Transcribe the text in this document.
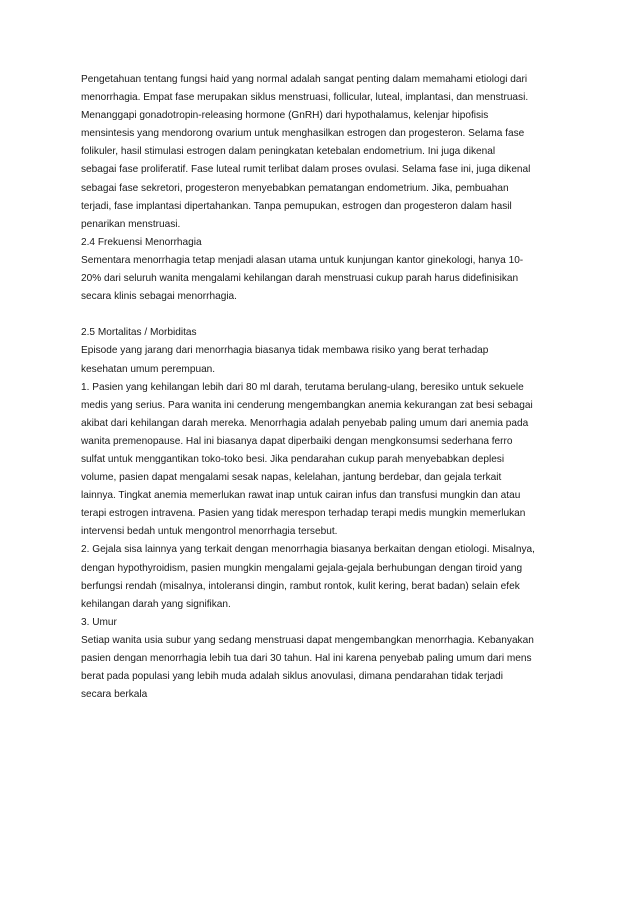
Pengetahuan tentang fungsi haid yang normal adalah sangat penting dalam memahami etiologi dari
menorrhagia. Empat fase merupakan siklus menstruasi, follicular, luteal, implantasi, dan menstruasi.
Menanggapi gonadotropin-releasing hormone (GnRH) dari hypothalamus, kelenjar hipofisis
mensintesis yang mendorong ovarium untuk menghasilkan estrogen dan progesteron. Selama fase
folikuler, hasil stimulasi estrogen dalam peningkatan ketebalan endometrium. Ini juga dikenal
sebagai fase proliferatif. Fase luteal rumit terlibat dalam proses ovulasi. Selama fase ini, juga dikenal
sebagai fase sekretori, progesteron menyebabkan pematangan endometrium. Jika, pembuahan
terjadi, fase implantasi dipertahankan. Tanpa pemupukan, estrogen dan progesteron dalam hasil
penarikan menstruasi.
2.4 Frekuensi Menorrhagia
Sementara menorrhagia tetap menjadi alasan utama untuk kunjungan kantor ginekologi, hanya 10-
20% dari seluruh wanita mengalami kehilangan darah menstruasi cukup parah harus didefinisikan
secara klinis sebagai menorrhagia.
2.5 Mortalitas / Morbiditas
Episode yang jarang dari menorrhagia biasanya tidak membawa risiko yang berat terhadap
kesehatan umum perempuan.
1. Pasien yang kehilangan lebih dari 80 ml darah, terutama berulang-ulang, beresiko untuk sekuele
medis yang serius. Para wanita ini cenderung mengembangkan anemia kekurangan zat besi sebagai
akibat dari kehilangan darah mereka. Menorrhagia adalah penyebab paling umum dari anemia pada
wanita premenopause. Hal ini biasanya dapat diperbaiki dengan mengkonsumsi sederhana ferro
sulfat untuk menggantikan toko-toko besi. Jika pendarahan cukup parah menyebabkan deplesi
volume, pasien dapat mengalami sesak napas, kelelahan, jantung berdebar, dan gejala terkait
lainnya. Tingkat anemia memerlukan rawat inap untuk cairan infus dan transfusi mungkin dan atau
terapi estrogen intravena. Pasien yang tidak merespon terhadap terapi medis mungkin memerlukan
intervensi bedah untuk mengontrol menorrhagia tersebut.
2. Gejala sisa lainnya yang terkait dengan menorrhagia biasanya berkaitan dengan etiologi. Misalnya,
dengan hypothyroidism, pasien mungkin mengalami gejala-gejala berhubungan dengan tiroid yang
berfungsi rendah (misalnya, intoleransi dingin, rambut rontok, kulit kering, berat badan) selain efek
kehilangan darah yang signifikan.
3. Umur
Setiap wanita usia subur yang sedang menstruasi dapat mengembangkan menorrhagia. Kebanyakan
pasien dengan menorrhagia lebih tua dari 30 tahun. Hal ini karena penyebab paling umum dari mens
berat pada populasi yang lebih muda adalah siklus anovulasi, dimana pendarahan tidak terjadi
secara berkala
